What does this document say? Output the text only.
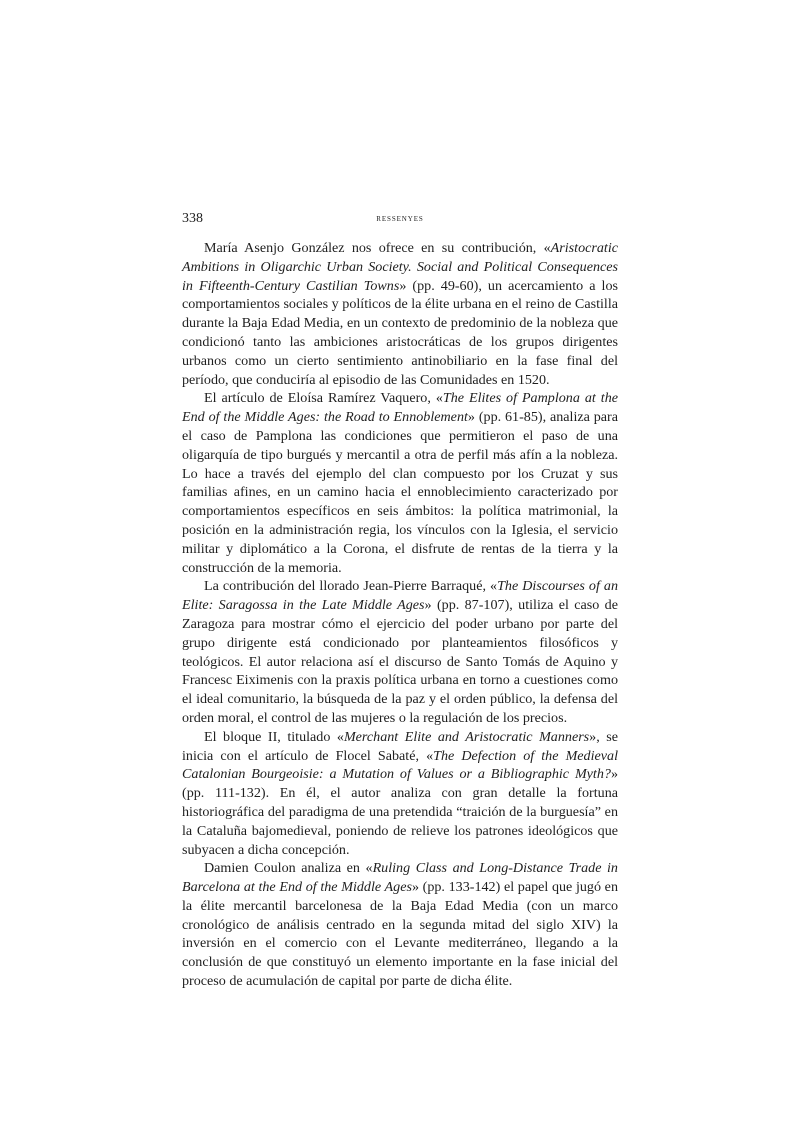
338	ressenyes

María Asenjo González nos ofrece en su contribución, «Aristocratic Ambitions in Oligarchic Urban Society. Social and Political Consequences in Fifteenth-Century Castilian Towns» (pp. 49-60), un acercamiento a los comportamientos sociales y políticos de la élite urbana en el reino de Castilla durante la Baja Edad Media, en un contexto de predominio de la nobleza que condicionó tanto las ambiciones aristocráticas de los grupos dirigentes urbanos como un cierto sentimiento antinobiliario en la fase final del período, que conduciría al episodio de las Comunidades en 1520.

El artículo de Eloísa Ramírez Vaquero, «The Elites of Pamplona at the End of the Middle Ages: the Road to Ennoblement» (pp. 61-85), analiza para el caso de Pamplona las condiciones que permitieron el paso de una oligarquía de tipo burgués y mercantil a otra de perfil más afín a la nobleza. Lo hace a través del ejemplo del clan compuesto por los Cruzat y sus familias afines, en un camino hacia el ennoblecimiento caracterizado por comportamientos específicos en seis ámbitos: la política matrimonial, la posición en la administración regia, los vínculos con la Iglesia, el servicio militar y diplomático a la Corona, el disfrute de rentas de la tierra y la construcción de la memoria.

La contribución del llorado Jean-Pierre Barraqué, «The Discourses of an Elite: Saragossa in the Late Middle Ages» (pp. 87-107), utiliza el caso de Zaragoza para mostrar cómo el ejercicio del poder urbano por parte del grupo dirigente está condicionado por planteamientos filosóficos y teológicos. El autor relaciona así el discurso de Santo Tomás de Aquino y Francesc Eiximenis con la praxis política urbana en torno a cuestiones como el ideal comunitario, la búsqueda de la paz y el orden público, la defensa del orden moral, el control de las mujeres o la regulación de los precios.

El bloque II, titulado «Merchant Elite and Aristocratic Manners», se inicia con el artículo de Flocel Sabaté, «The Defection of the Medieval Catalonian Bourgeoisie: a Mutation of Values or a Bibliographic Myth?» (pp. 111-132). En él, el autor analiza con gran detalle la fortuna historiográfica del paradigma de una pretendida “traición de la burguesía” en la Cataluña bajomedieval, poniendo de relieve los patrones ideológicos que subyacen a dicha concepción.

Damien Coulon analiza en «Ruling Class and Long-Distance Trade in Barcelona at the End of the Middle Ages» (pp. 133-142) el papel que jugó en la élite mercantil barcelonesa de la Baja Edad Media (con un marco cronológico de análisis centrado en la segunda mitad del siglo XIV) la inversión en el comercio con el Levante mediterráneo, llegando a la conclusión de que constituyó un elemento importante en la fase inicial del proceso de acumulación de capital por parte de dicha élite.
